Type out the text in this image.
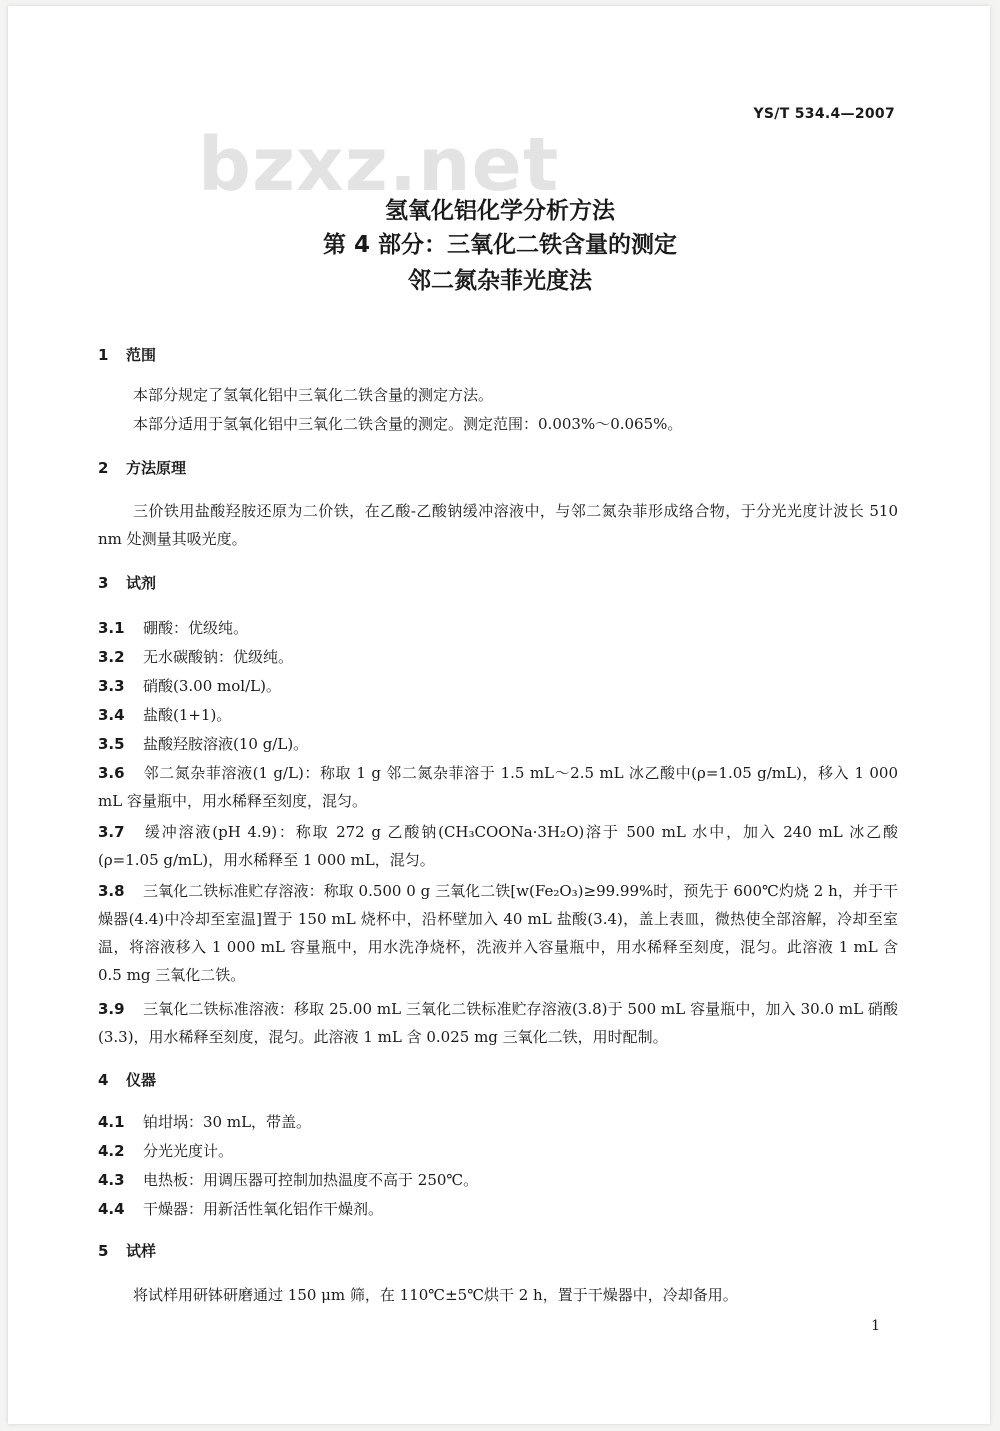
YS/T 534.4—2007
bzxz.net
氢氧化铝化学分析方法
第 4 部分：三氧化二铁含量的测定
邻二氮杂菲光度法
1 范围
本部分规定了氢氧化铝中三氧化二铁含量的测定方法。
本部分适用于氢氧化铝中三氧化二铁含量的测定。测定范围：0.003%～0.065%。
2 方法原理
三价铁用盐酸羟胺还原为二价铁，在乙酸-乙酸钠缓冲溶液中，与邻二氮杂菲形成络合物，于分光光度计波长 510 nm 处测量其吸光度。
3 试剂
3.1 硼酸：优级纯。
3.2 无水碳酸钠：优级纯。
3.3 硝酸(3.00 mol/L)。
3.4 盐酸(1+1)。
3.5 盐酸羟胺溶液(10 g/L)。
3.6 邻二氮杂菲溶液(1 g/L)：称取 1 g 邻二氮杂菲溶于 1.5 mL～2.5 mL 冰乙酸中(ρ=1.05 g/mL)，移入 1 000 mL 容量瓶中，用水稀释至刻度，混匀。
3.7 缓冲溶液(pH 4.9)：称取 272 g 乙酸钠(CH₃COONa·3H₂O)溶于 500 mL 水中，加入 240 mL 冰乙酸(ρ=1.05 g/mL)，用水稀释至 1 000 mL，混匀。
3.8 三氧化二铁标准贮存溶液：称取 0.500 0 g 三氧化二铁[w(Fe₂O₃)≥99.99%时，预先于 600℃灼烧 2 h，并于干燥器(4.4)中冷却至室温]置于 150 mL 烧杯中，沿杯壁加入 40 mL 盐酸(3.4)，盖上表皿，微热使全部溶解，冷却至室温，将溶液移入 1 000 mL 容量瓶中，用水洗净烧杯，洗液并入容量瓶中，用水稀释至刻度，混匀。此溶液 1 mL 含 0.5 mg 三氧化二铁。
3.9 三氧化二铁标准溶液：移取 25.00 mL 三氧化二铁标准贮存溶液(3.8)于 500 mL 容量瓶中，加入 30.0 mL 硝酸(3.3)，用水稀释至刻度，混匀。此溶液 1 mL 含 0.025 mg 三氧化二铁，用时配制。
4 仪器
4.1 铂坩埚：30 mL，带盖。
4.2 分光光度计。
4.3 电热板：用调压器可控制加热温度不高于 250℃。
4.4 干燥器：用新活性氧化铝作干燥剂。
5 试样
将试样用研钵研磨通过 150 μm 筛，在 110℃±5℃烘干 2 h，置于干燥器中，冷却备用。
1
